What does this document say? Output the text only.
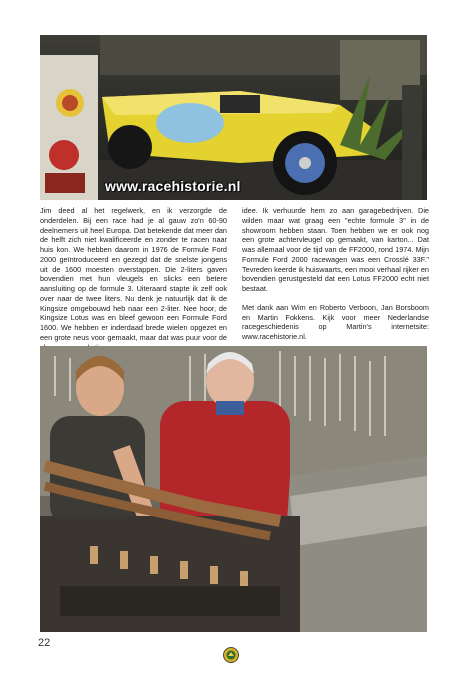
www.racehistorie.nl

Jim deed al het regelwerk, en ik verzorgde de onderdelen. Bij een race had je al gauw zo'n 60-90 deelnemers uit heel Europa. Dat betekende dat meer dan de helft zich niet kwalificeerde en zonder te racen naar huis kon. We hebben daarom in 1976 de Formule Ford 2000 geïntroduceerd en gezegd dat de snelste jongens uit de 1600 moesten overstappen. Die 2-liters gaven bovendien met hun vleugels en slicks een betere aansluiting op de formule 3. Uiteraard stapte ik zelf ook over naar de twee liters. Nu denk je natuurlijk dat ik de Kingsize omgebouwd heb naar een 2-liter. Nee hoor, de Kingsize Lotus was en bleef gewoon een Formule Ford 1600. We hebben er inderdaad brede wielen opgezet en een grote neus voor gemaakt, maar dat was puur voor de

idee. Ik verhuurde hem zo aan garagebedrijven. Die wilden maar wat graag een "echte formule 3" in de showroom hebben staan. Toen hebben we er ook nog een grote achtervleugel op gemaakt, van karton... Dat was allemaal voor de tijd van de FF2000, rond 1974. Mijn Formule Ford 2000 racewagen was een Crosslé 33F." Tevreden keerde ik huiswaarts, een mooi verhaal rijker en bovendien gerustgesteld dat een Lotus FF2000 echt niet bestaat.

Met dank aan Wim en Roberto Verboon, Jan Borsboom en Martin Fokkens. Kijk voor meer Nederlandse racegeschiedenis op Martin's internetsite: www.racehistorie.nl.

22
